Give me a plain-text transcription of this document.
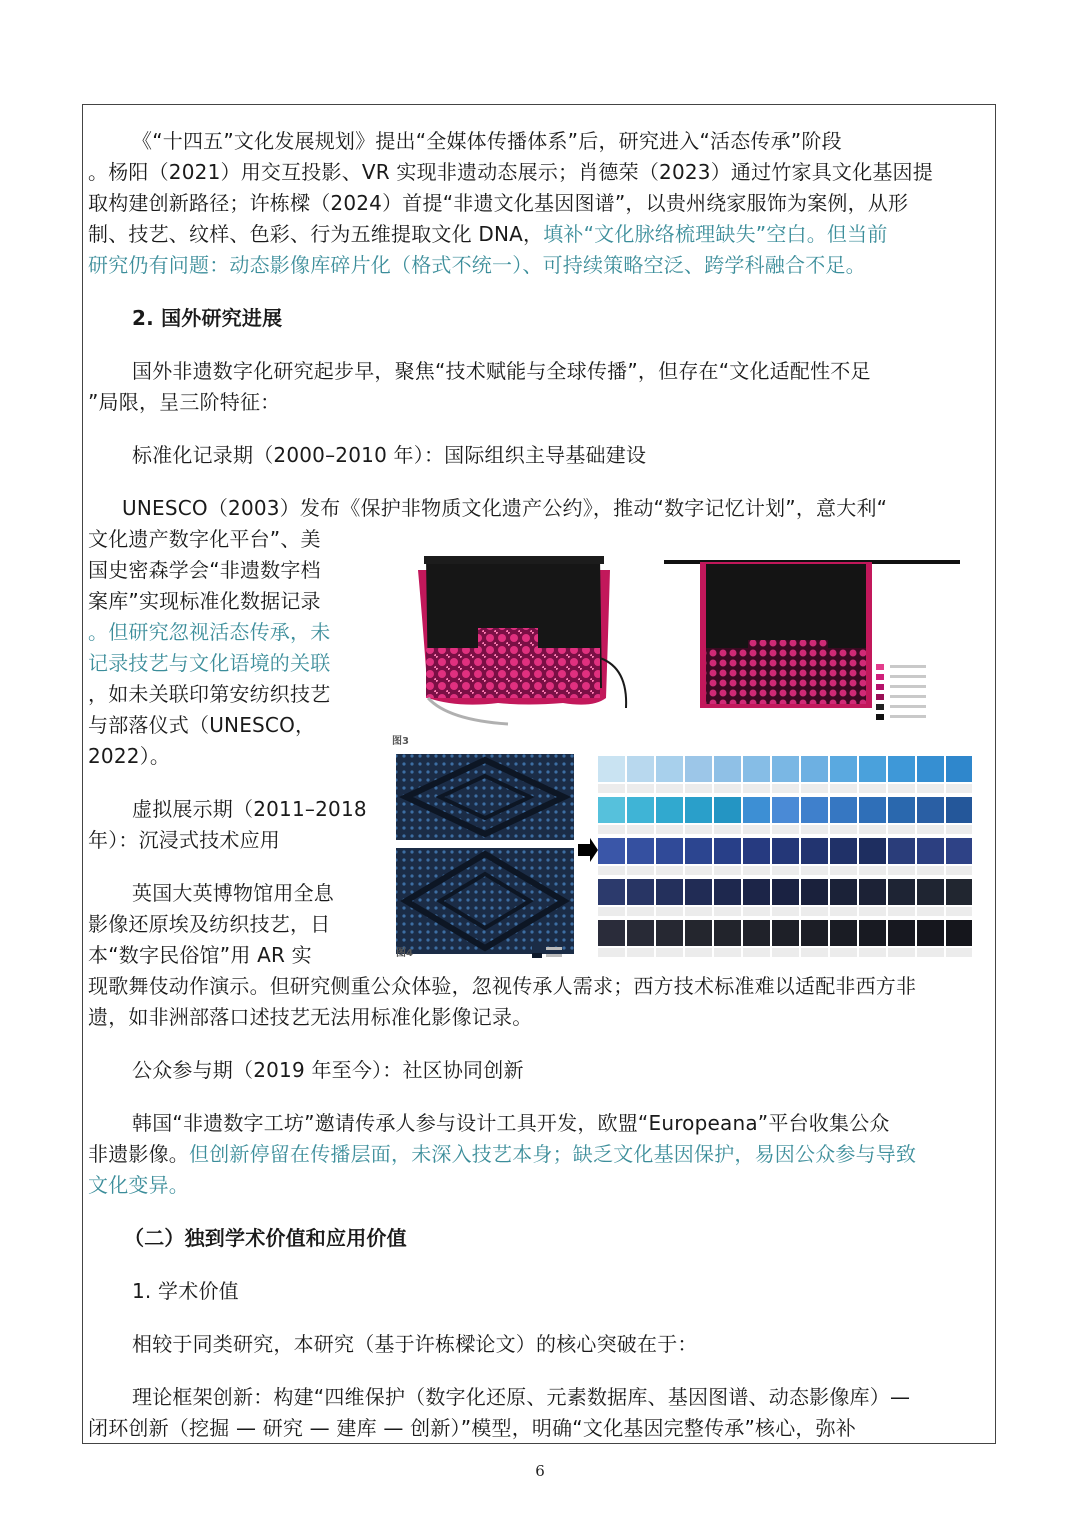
《“十四五”文化发展规划》提出“全媒体传播体系”后，研究进入“活态传承”阶段
。杨阳（2021）用交互投影、VR 实现非遗动态展示；肖德荣（2023）通过竹家具文化基因提
取构建创新路径；许栋樑（2024）首提“非遗文化基因图谱”，以贵州绕家服饰为案例，从形
制、技艺、纹样、色彩、行为五维提取文化 DNA，填补“文化脉络梳理缺失”空白。但当前
研究仍有问题：动态影像库碎片化（格式不统一）、可持续策略空泛、跨学科融合不足。
2. 国外研究进展
国外非遗数字化研究起步早，聚焦“技术赋能与全球传播”，但存在“文化适配性不足
”局限，呈三阶特征：
标准化记录期（2000–2010 年）：国际组织主导基础建设
UNESCO（2003）发布《保护非物质文化遗产公约》，推动“数字记忆计划”，意大利“
文化遗产数字化平台”、美
国史密森学会“非遗数字档
案库”实现标准化数据记录
。但研究忽视活态传承，未
记录技艺与文化语境的关联
，如未关联印第安纺织技艺
与部落仪式（UNESCO，
2022）。
虚拟展示期（2011–2018
年）：沉浸式技术应用
英国大英博物馆用全息
影像还原埃及纺织技艺，日
本“数字民俗馆”用 AR 实
现歌舞伎动作演示。但研究侧重公众体验，忽视传承人需求；西方技术标准难以适配非西方非
遗，如非洲部落口述技艺无法用标准化影像记录。
公众参与期（2019 年至今）：社区协同创新
韩国“非遗数字工坊”邀请传承人参与设计工具开发，欧盟“Europeana”平台收集公众
非遗影像。但创新停留在传播层面，未深入技艺本身；缺乏文化基因保护，易因公众参与导致
文化变异。
（二）独到学术价值和应用价值
1. 学术价值
相较于同类研究，本研究（基于许栋樑论文）的核心突破在于：
理论框架创新：构建“四维保护（数字化还原、元素数据库、基因图谱、动态影像库）—
闭环创新（挖掘 — 研究 — 建库 — 创新）”模型，明确“文化基因完整传承”核心，弥补
图3
图4
6
